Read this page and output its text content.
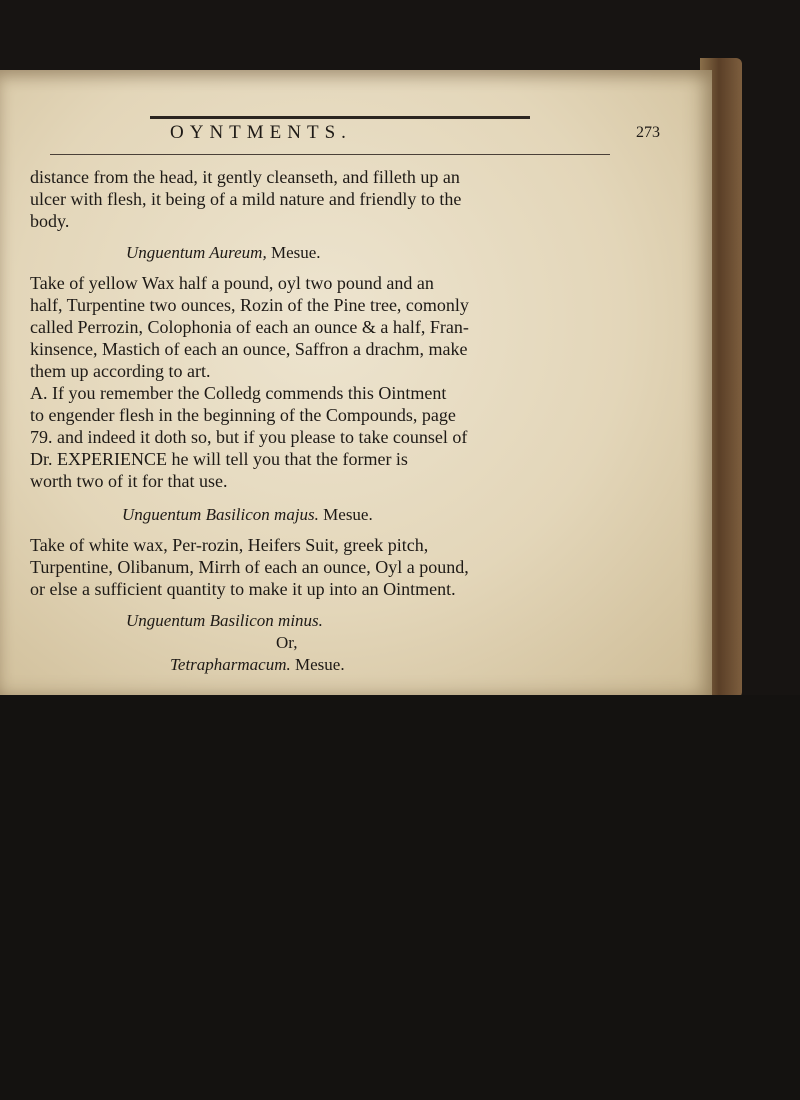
OYNTMENTS.	273
distance from the head, it gently cleanseth, and filleth up an
ulcer with flesh, it being of a mild nature and friendly to the
body.
Unguentum Aureum, Mesue.
Take of yellow Wax half a pound, oyl two pound and an
half, Turpentine two ounces, Rozin of the Pine tree, comonly
called Perrozin, Colophonia of each an ounce & a half, Fran-
kinsence, Mastich of each an ounce, Saffron a drachm, make
them up according to art.
A. If you remember the Colledg commends this Ointment
to engender flesh in the beginning of the Compounds, page
79. and indeed it doth so, but if you please to take counsel of
Dr. EXPERIENCE he will tell you that the former is
worth two of it for that use.
Unguentum Basilicon majus. Mesue.
Take of white wax, Per-rozin, Heifers Suit, greek pitch,
Turpentine, Olibanum, Mirrh of each an ounce, Oyl a pound,
or else a sufficient quantity to make it up into an Ointment.
Unguentum Basilicon minus.
Or,
Tetrapharmacum. Mesue.
